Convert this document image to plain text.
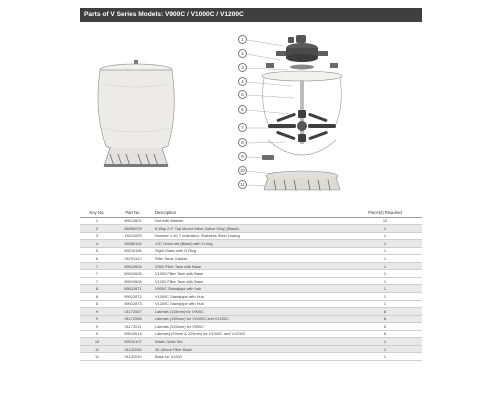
Parts of V Series Models: V900C / V1000C / V1200C
1
2
3
4
5
6
7
8
9
10
11
Key No.	Part No.	Description	Piece(s) Required
1	89013601	Nut with Washer	12
2	88280078	6 Way 2.0" Top Mount Valve (Valve Only) (Black)	1
3	16011029	Number 1-40 T Indication, Stainless Steel Casing	1
4	89280118	1.5" Union set (Black) with O-ring	1
5	89210156	Sight Glass with O-Ring	1
6	05791122	Filter Neck Gasket	1
7	89010604	V900 Filter Tank with Base	1
7	89010605	V1000 Filter Tank with Base	1
7	89010606	V1200 Filter Tank with Base	1
8	89012871	V900C Standpipe with hub	1
8	89012872	V1000C Standpipe with Hub	1
8	89012873	V1200C Standpipe with Hub	1
9	01172007	Laterals (115mm) for V900C	8
9	01172008	Laterals (155mm) for V1000C and V1200C	8
9	01172011	Laterals (225mm) for V900C	8
9	89010614	Laterals(129mm & 220mm) for V1000C and V1200C	8
10	89010107	Water Drain Set	1
11	01132038	30-40inch Filter Base	1
11	01132039	Base for V1200	1
